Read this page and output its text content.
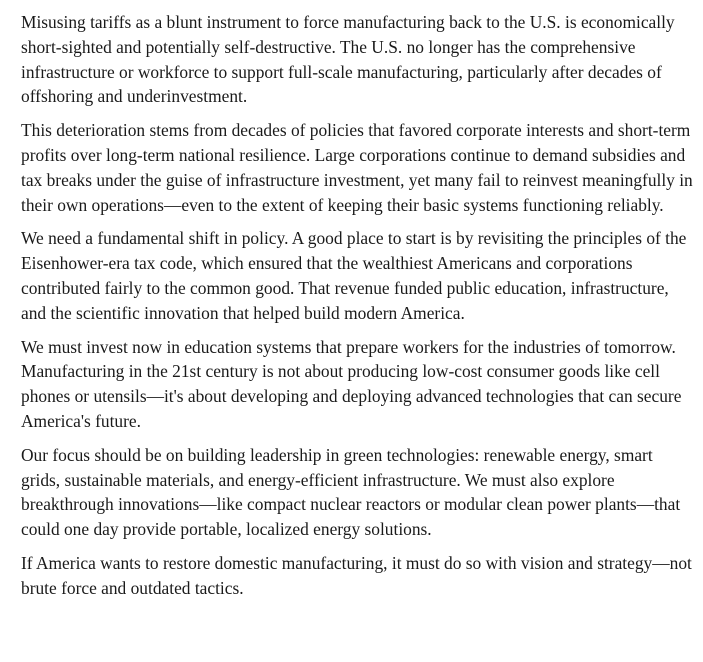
Misusing tariffs as a blunt instrument to force manufacturing back to the U.S. is economically short-sighted and potentially self-destructive. The U.S. no longer has the comprehensive infrastructure or workforce to support full-scale manufacturing, particularly after decades of offshoring and underinvestment.

This deterioration stems from decades of policies that favored corporate interests and short-term profits over long-term national resilience. Large corporations continue to demand subsidies and tax breaks under the guise of infrastructure investment, yet many fail to reinvest meaningfully in their own operations—even to the extent of keeping their basic systems functioning reliably.

We need a fundamental shift in policy. A good place to start is by revisiting the principles of the Eisenhower-era tax code, which ensured that the wealthiest Americans and corporations contributed fairly to the common good. That revenue funded public education, infrastructure, and the scientific innovation that helped build modern America.

We must invest now in education systems that prepare workers for the industries of tomorrow. Manufacturing in the 21st century is not about producing low-cost consumer goods like cell phones or utensils—it's about developing and deploying advanced technologies that can secure America's future.

Our focus should be on building leadership in green technologies: renewable energy, smart grids, sustainable materials, and energy-efficient infrastructure. We must also explore breakthrough innovations—like compact nuclear reactors or modular clean power plants—that could one day provide portable, localized energy solutions.

If America wants to restore domestic manufacturing, it must do so with vision and strategy—not brute force and outdated tactics.
